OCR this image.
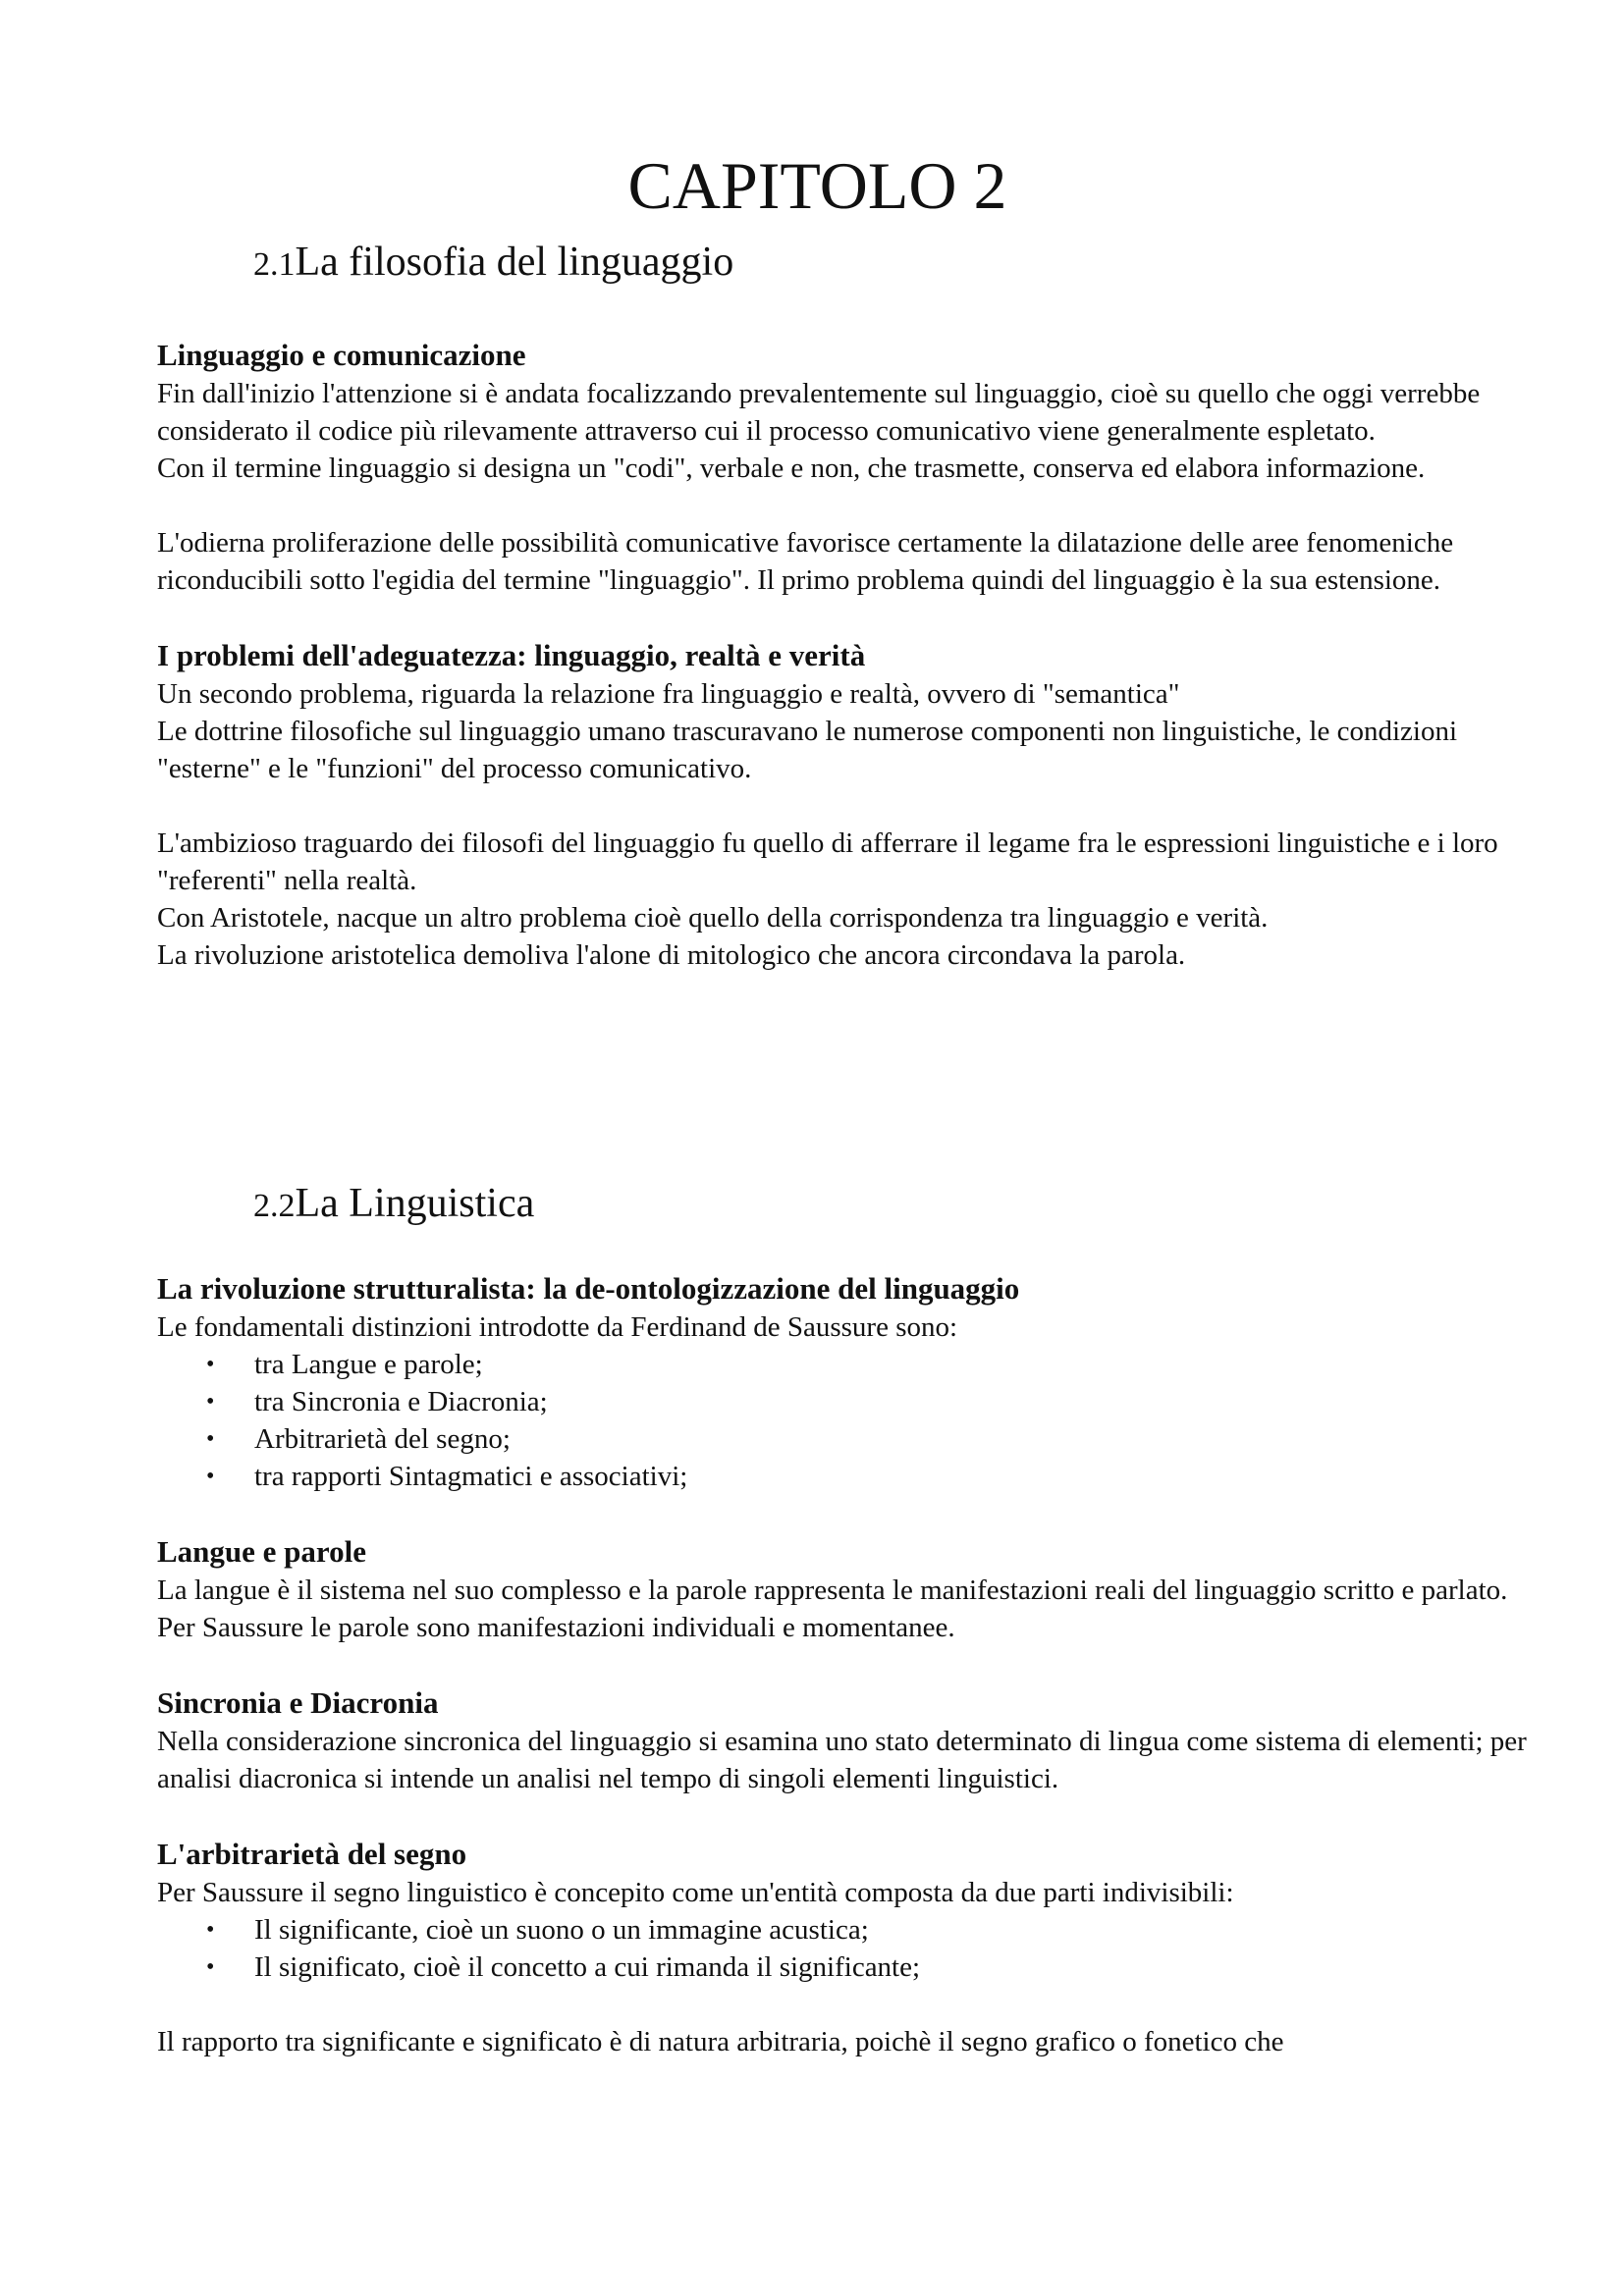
CAPITOLO 2
2.1La filosofia del linguaggio
Linguaggio e comunicazione

Fin dall'inizio l'attenzione si è andata focalizzando prevalentemente sul linguaggio, cioè su quello che oggi verrebbe considerato il codice più rilevamente attraverso cui il processo comunicativo viene generalmente espletato.

Con il termine linguaggio si designa un "codi", verbale e non, che trasmette, conserva ed elabora informazione.

L'odierna proliferazione delle possibilità comunicative favorisce certamente la dilatazione delle aree fenomeniche riconducibili sotto l'egidia del termine "linguaggio". Il primo problema quindi del linguaggio è la sua estensione.

I problemi dell'adeguatezza: linguaggio, realtà e verità

Un secondo problema, riguarda la relazione fra linguaggio e realtà, ovvero di "semantica"

Le dottrine filosofiche sul linguaggio umano trascuravano le numerose componenti non linguistiche, le condizioni "esterne" e le "funzioni" del processo comunicativo.

L'ambizioso traguardo dei filosofi del linguaggio fu quello di afferrare il legame fra le espressioni linguistiche e i loro "referenti" nella realtà.

Con Aristotele, nacque un altro problema cioè quello della corrispondenza tra linguaggio e verità.

La rivoluzione aristotelica demoliva l'alone di mitologico che ancora circondava la parola.

2.2La Linguistica
La rivoluzione strutturalista: la de-ontologizzazione del linguaggio

Le fondamentali distinzioni introdotte da Ferdinand de Saussure sono:

• tra Langue e parole;
• tra Sincronia e Diacronia;
• Arbitrarietà del segno;
• tra rapporti Sintagmatici e associativi;
Langue e parole

La langue è il sistema nel suo complesso e la parole rappresenta le manifestazioni reali del linguaggio scritto e parlato. Per Saussure le parole sono manifestazioni individuali e momentanee.

Sincronia e Diacronia

Nella considerazione sincronica del linguaggio si esamina uno stato determinato di lingua come sistema di elementi; per analisi diacronica si intende un analisi nel tempo di singoli elementi linguistici.

L'arbitrarietà del segno

Per Saussure il segno linguistico è concepito come un'entità composta da due parti indivisibili:

• Il significante, cioè un suono o un immagine acustica;
• Il significato, cioè il concetto a cui rimanda il significante;

Il rapporto tra significante e significato è di natura arbitraria, poichè il segno grafico o fonetico che
